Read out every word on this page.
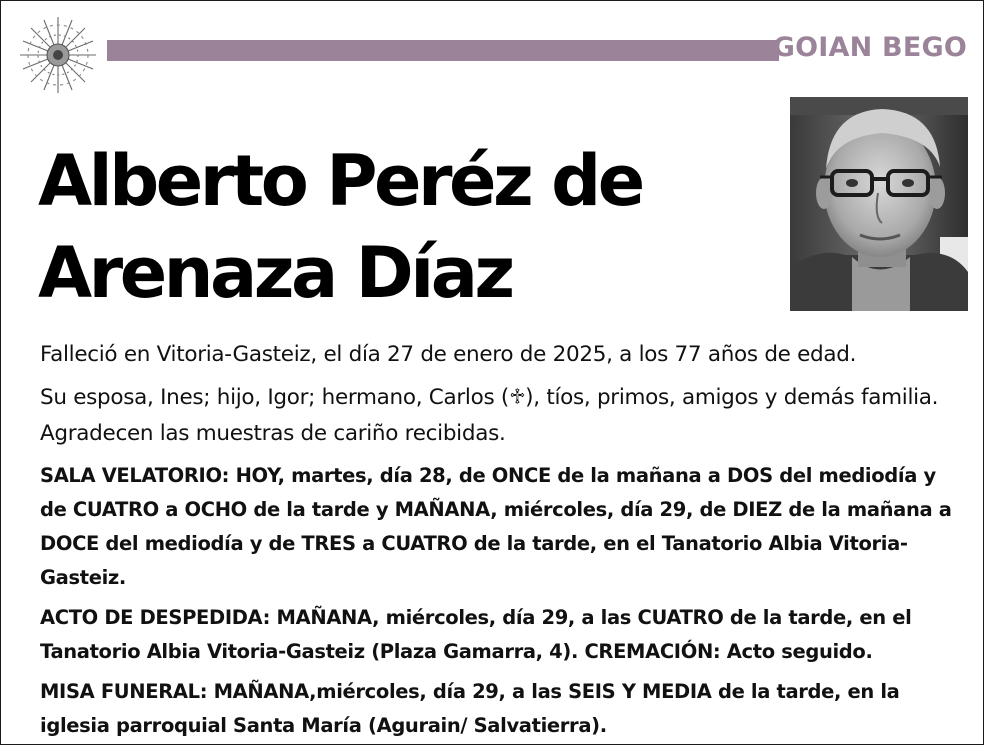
GOIAN BEGO
Alberto Peréz de
Arenaza Díaz

Falleció en Vitoria-Gasteiz, el día 27 de enero de 2025, a los 77 años de edad.

Su esposa, Ines; hijo, Igor; hermano, Carlos (♱), tíos, primos, amigos y demás familia. Agradecen las muestras de cariño recibidas.

SALA VELATORIO: HOY, martes, día 28, de ONCE de la mañana a DOS del mediodía y de CUATRO a OCHO de la tarde y MAÑANA, miércoles, día 29, de DIEZ de la mañana a DOCE del mediodía y de TRES a CUATRO de la tarde, en el Tanatorio Albia Vitoria-Gasteiz.

ACTO DE DESPEDIDA: MAÑANA, miércoles, día 29, a las CUATRO de la tarde, en el Tanatorio Albia Vitoria-Gasteiz (Plaza Gamarra, 4). CREMACIÓN: Acto seguido.

MISA FUNERAL: MAÑANA,miércoles, día 29, a las SEIS Y MEDIA de la tarde, en la iglesia parroquial Santa María (Agurain/ Salvatierra).
